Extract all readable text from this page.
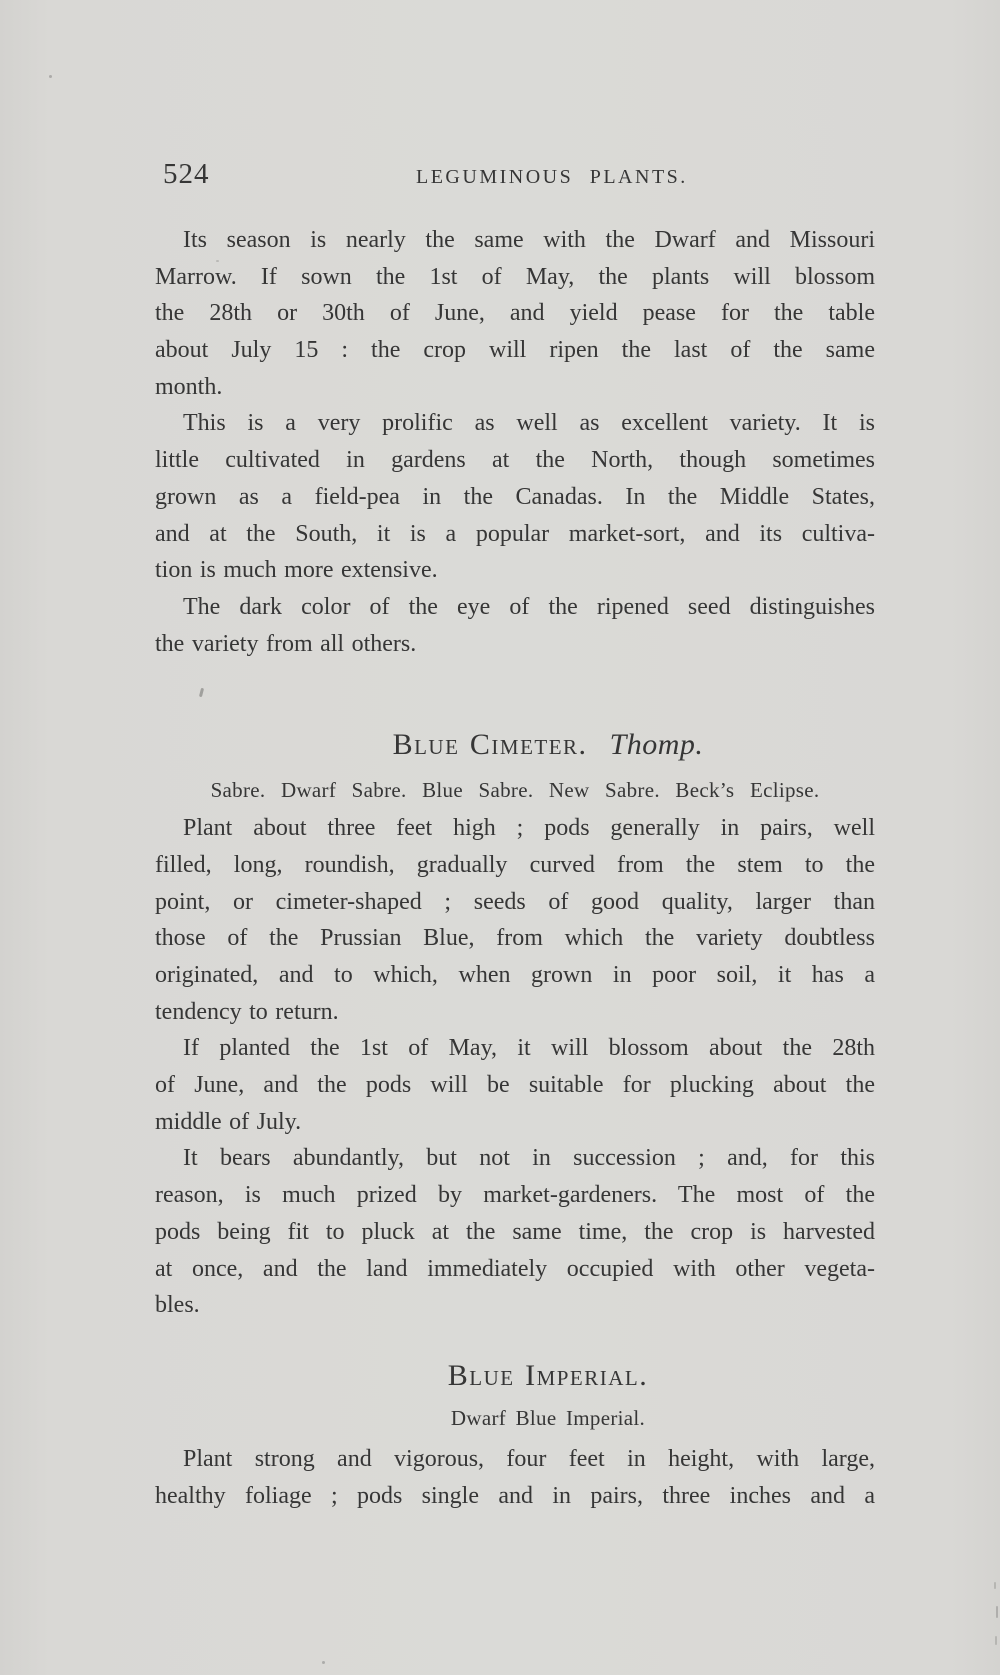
524	LEGUMINOUS PLANTS.
Its season is nearly the same with the Dwarf and Missouri
Marrow. If sown the 1st of May, the plants will blossom
the 28th or 30th of June, and yield pease for the table
about July 15 : the crop will ripen the last of the same
month.
This is a very prolific as well as excellent variety. It is
little cultivated in gardens at the North, though sometimes
grown as a field-pea in the Canadas. In the Middle States,
and at the South, it is a popular market-sort, and its cultiva-
tion is much more extensive.
The dark color of the eye of the ripened seed distinguishes
the variety from all others.
Blue Cimeter. Thomp.
Sabre. Dwarf Sabre. Blue Sabre. New Sabre. Beck’s Eclipse.
Plant about three feet high ; pods generally in pairs, well
filled, long, roundish, gradually curved from the stem to the
point, or cimeter-shaped ; seeds of good quality, larger than
those of the Prussian Blue, from which the variety doubtless
originated, and to which, when grown in poor soil, it has a
tendency to return.
If planted the 1st of May, it will blossom about the 28th
of June, and the pods will be suitable for plucking about the
middle of July.
It bears abundantly, but not in succession ; and, for this
reason, is much prized by market-gardeners. The most of the
pods being fit to pluck at the same time, the crop is harvested
at once, and the land immediately occupied with other vegeta-
bles.
Blue Imperial.
Dwarf Blue Imperial.
Plant strong and vigorous, four feet in height, with large,
healthy foliage ; pods single and in pairs, three inches and a
